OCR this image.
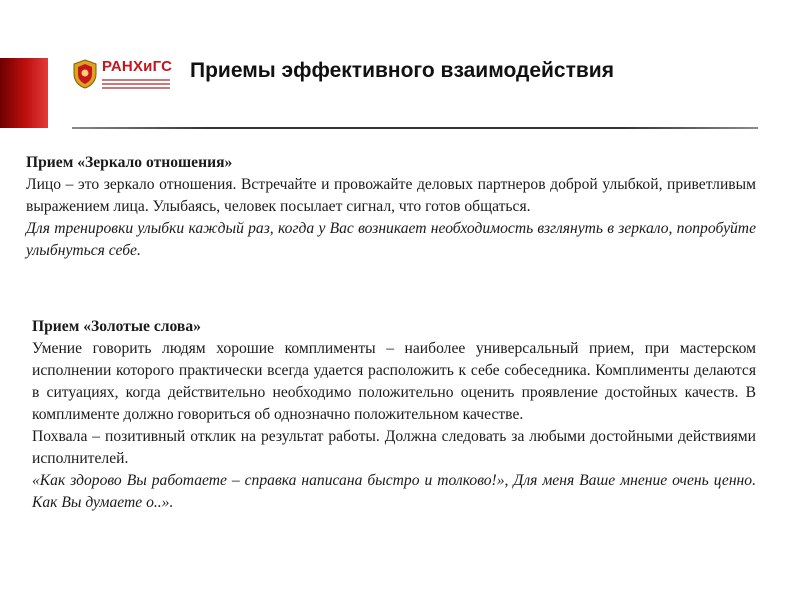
РАНХиГС Приемы эффективного взаимодействия

Прием «Зеркало отношения»

Лицо – это зеркало отношения. Встречайте и провожайте деловых партнеров доброй улыбкой, приветливым выражением лица. Улыбаясь, человек посылает сигнал, что готов общаться.

Для тренировки улыбки каждый раз, когда у Вас возникает необходимость взглянуть в зеркало, попробуйте улыбнуться себе.

Прием «Золотые слова»

Умение говорить людям хорошие комплименты – наиболее универсальный прием, при мастерском исполнении которого практически всегда удается расположить к себе собеседника. Комплименты делаются в ситуациях, когда действительно необходимо положительно оценить проявление достойных качеств. В комплименте должно говориться об однозначно положительном качестве.

Похвала – позитивный отклик на результат работы. Должна следовать за любыми достойными действиями исполнителей.

«Как здорово Вы работаете – справка написана быстро и толково!», Для меня Ваше мнение очень ценно. Как Вы думаете о..».
